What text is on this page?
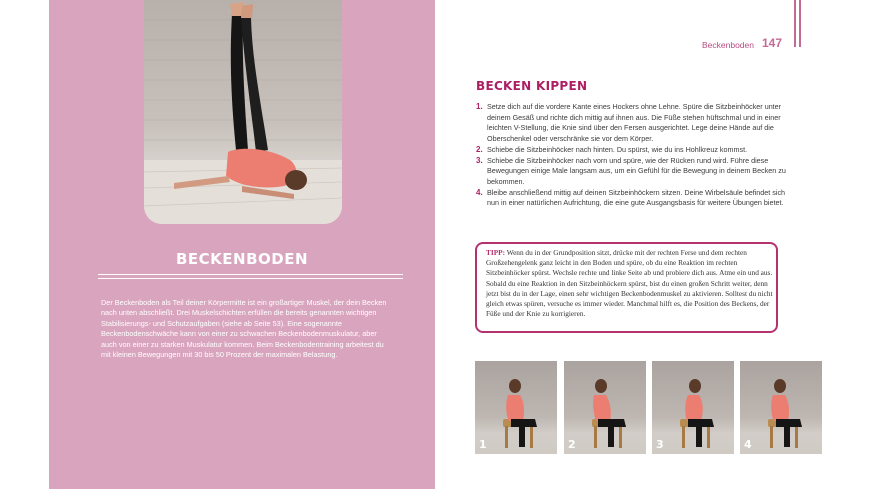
BECKENBODEN

Der Beckenboden als Teil deiner Körpermitte ist ein großartiger Muskel, der dein Becken nach unten abschließt. Drei Muskelschichten erfüllen die bereits genannten wichtigen Stabilisierungs- und Schutzaufgaben (siehe ab Seite 53). Eine sogenannte Beckenbodenschwäche kann von einer zu schwachen Beckenbodenmuskulatur, aber auch von einer zu starken Muskulatur kommen. Beim Beckenbodentraining arbeitest du mit kleinen Bewegungen mit 30 bis 50 Prozent der maximalen Belastung.

Beckenboden 147
BECKEN KIPPEN
1. Setze dich auf die vordere Kante eines Hockers ohne Lehne. Spüre die Sitzbeinhöcker unter deinem Gesäß und richte dich mittig auf ihnen aus. Die Füße stehen hüftschmal und in einer leichten V-Stellung, die Knie sind über den Fersen ausgerichtet. Lege deine Hände auf die Oberschenkel oder verschränke sie vor dem Körper.
2. Schiebe die Sitzbeinhöcker nach hinten. Du spürst, wie du ins Hohlkreuz kommst.
3. Schiebe die Sitzbeinhöcker nach vorn und spüre, wie der Rücken rund wird. Führe diese Bewegungen einige Male langsam aus, um ein Gefühl für die Bewegung in deinem Becken zu bekommen.
4. Bleibe anschließend mittig auf deinen Sitzbeinhöckern sitzen. Deine Wirbelsäule befindet sich nun in einer natürlichen Aufrichtung, die eine gute Ausgangsbasis für weitere Übungen bietet.
TIPP: Wenn du in der Grundposition sitzt, drücke mit der rechten Ferse und dem rechten Großzehengelenk ganz leicht in den Boden und spüre, ob du eine Reaktion im rechten Sitzbeinhöcker spürst. Wechsle rechte und linke Seite ab und probiere dich aus. Atme ein und aus. Sobald du eine Reaktion in den Sitzbeinhöckern spürst, bist du einen großen Schritt weiter, denn jetzt bist du in der Lage, einen sehr wichtigen Beckenbodenmuskel zu aktivieren. Solltest du nicht gleich etwas spüren, versuche es immer wieder. Manchmal hilft es, die Position des Beckens, der Füße und der Knie zu korrigieren.
1	2	3	4
